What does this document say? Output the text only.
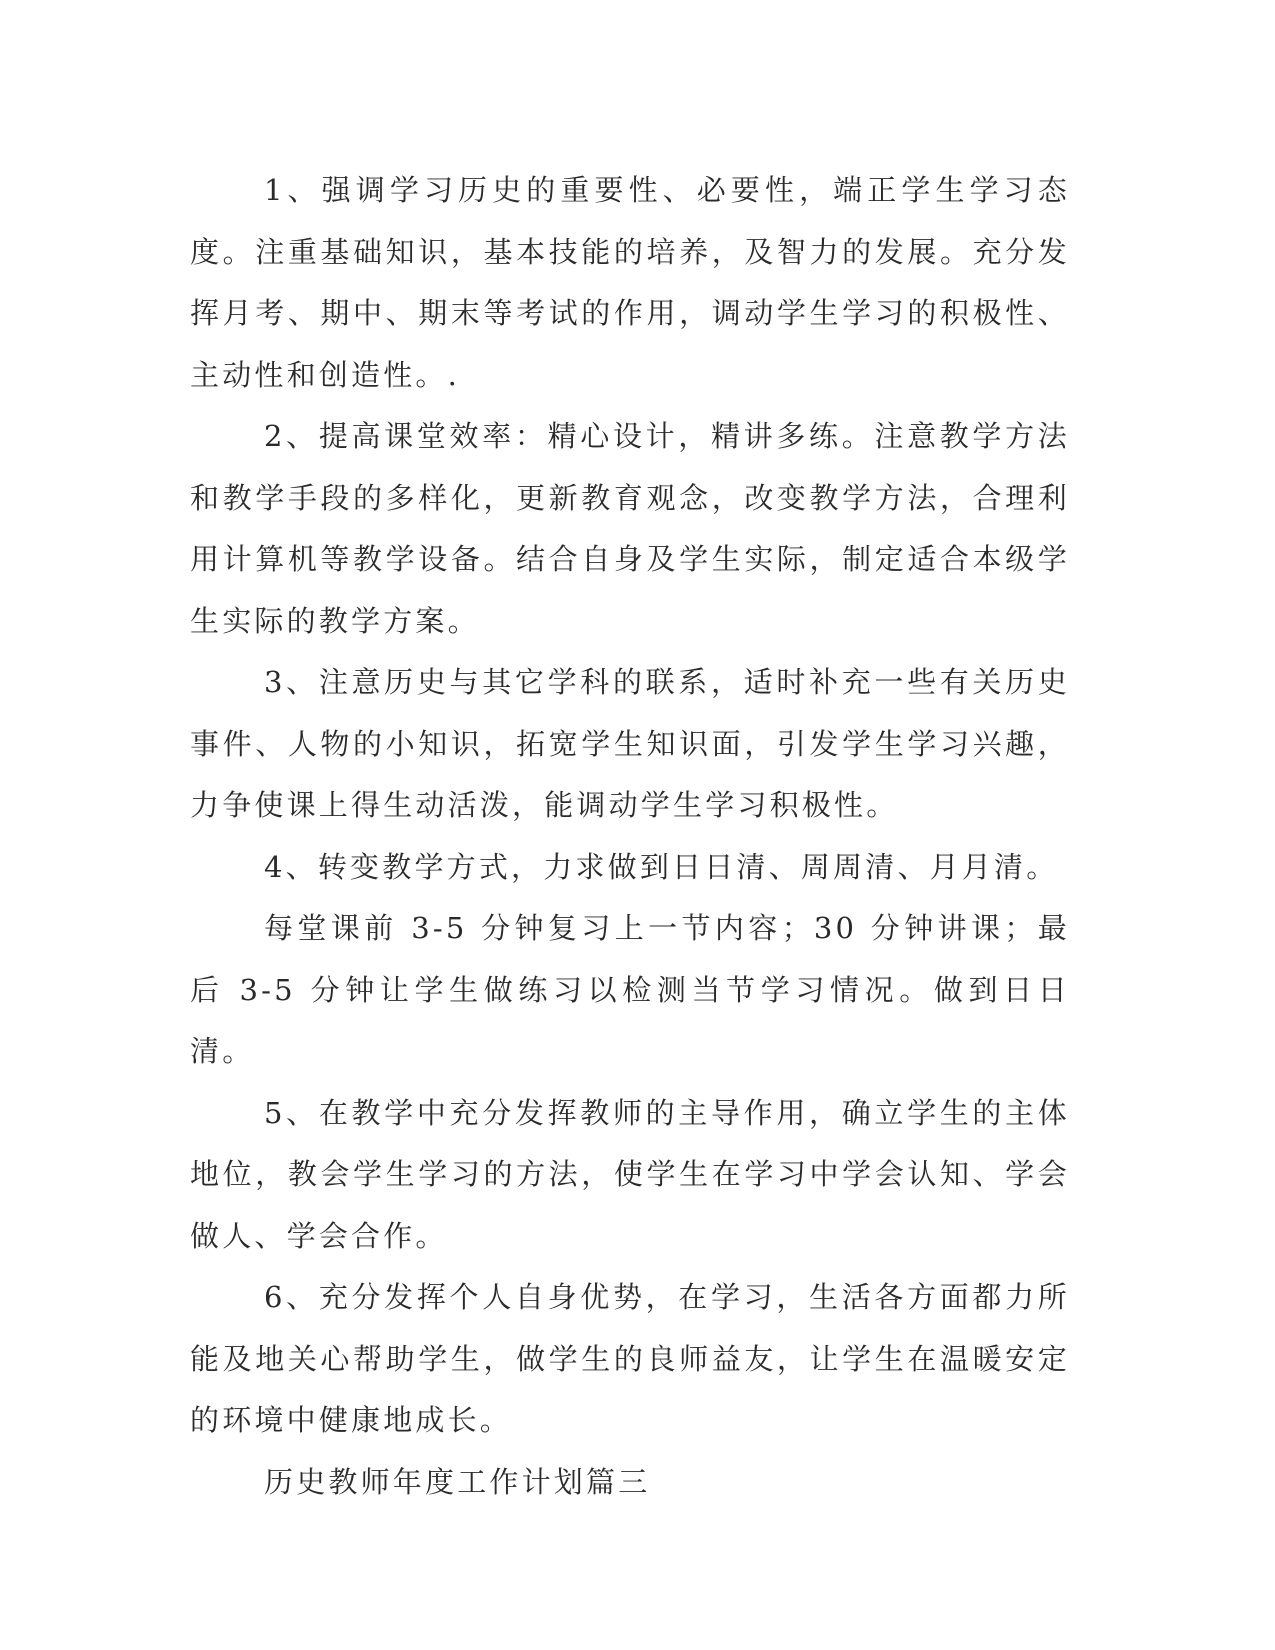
1、强调学习历史的重要性、必要性，端正学生学习态度。注重基础知识，基本技能的培养，及智力的发展。充分发挥月考、期中、期末等考试的作用，调动学生学习的积极性、主动性和创造性。.

2、提高课堂效率：精心设计，精讲多练。注意教学方法和教学手段的多样化，更新教育观念，改变教学方法，合理利用计算机等教学设备。结合自身及学生实际，制定适合本级学生实际的教学方案。

3、注意历史与其它学科的联系，适时补充一些有关历史事件、人物的小知识，拓宽学生知识面，引发学生学习兴趣，力争使课上得生动活泼，能调动学生学习积极性。

4、转变教学方式，力求做到日日清、周周清、月月清。

每堂课前 3-5 分钟复习上一节内容；30 分钟讲课；最后 3-5 分钟让学生做练习以检测当节学习情况。做到日日清。

5、在教学中充分发挥教师的主导作用，确立学生的主体地位，教会学生学习的方法，使学生在学习中学会认知、学会做人、学会合作。

6、充分发挥个人自身优势，在学习，生活各方面都力所能及地关心帮助学生，做学生的良师益友，让学生在温暖安定的环境中健康地成长。

历史教师年度工作计划篇三
